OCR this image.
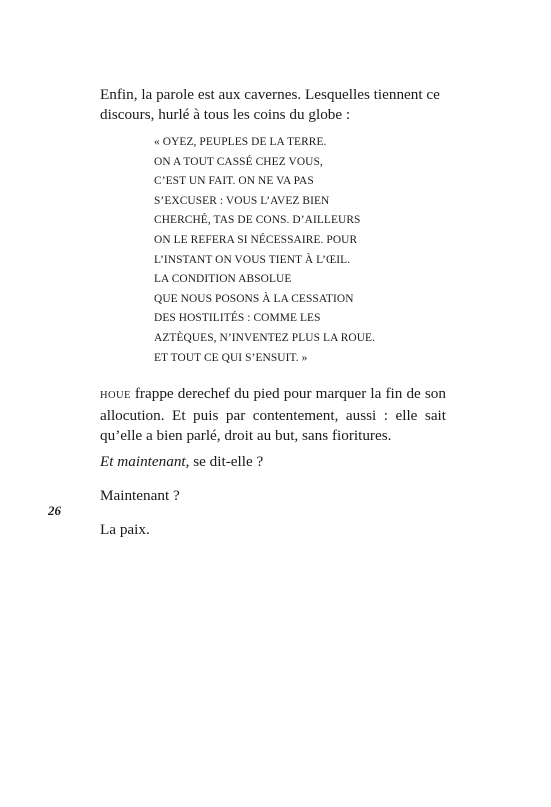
Enfin, la parole est aux cavernes. Lesquelles tiennent ce discours, hurlé à tous les coins du globe :

« OYEZ, PEUPLES DE LA TERRE.
ON A TOUT CASSÉ CHEZ VOUS,
C’EST UN FAIT. ON NE VA PAS
S’EXCUSER : VOUS L’AVEZ BIEN
CHERCHÉ, TAS DE CONS. D’AILLEURS
ON LE REFERA SI NÉCESSAIRE. POUR
L’INSTANT ON VOUS TIENT À L’ŒIL.
LA CONDITION ABSOLUE
QUE NOUS POSONS À LA CESSATION
DES HOSTILITÉS : COMME LES
AZTÈQUES, N’INVENTEZ PLUS LA ROUE.
ET TOUT CE QUI S’ENSUIT. »

HOUE frappe derechef du pied pour marquer la fin de son allocution. Et puis par contentement, aussi : elle sait qu’elle a bien parlé, droit au but, sans fioritures.

Et maintenant, se dit-elle ?

Maintenant ?

La paix.

26
